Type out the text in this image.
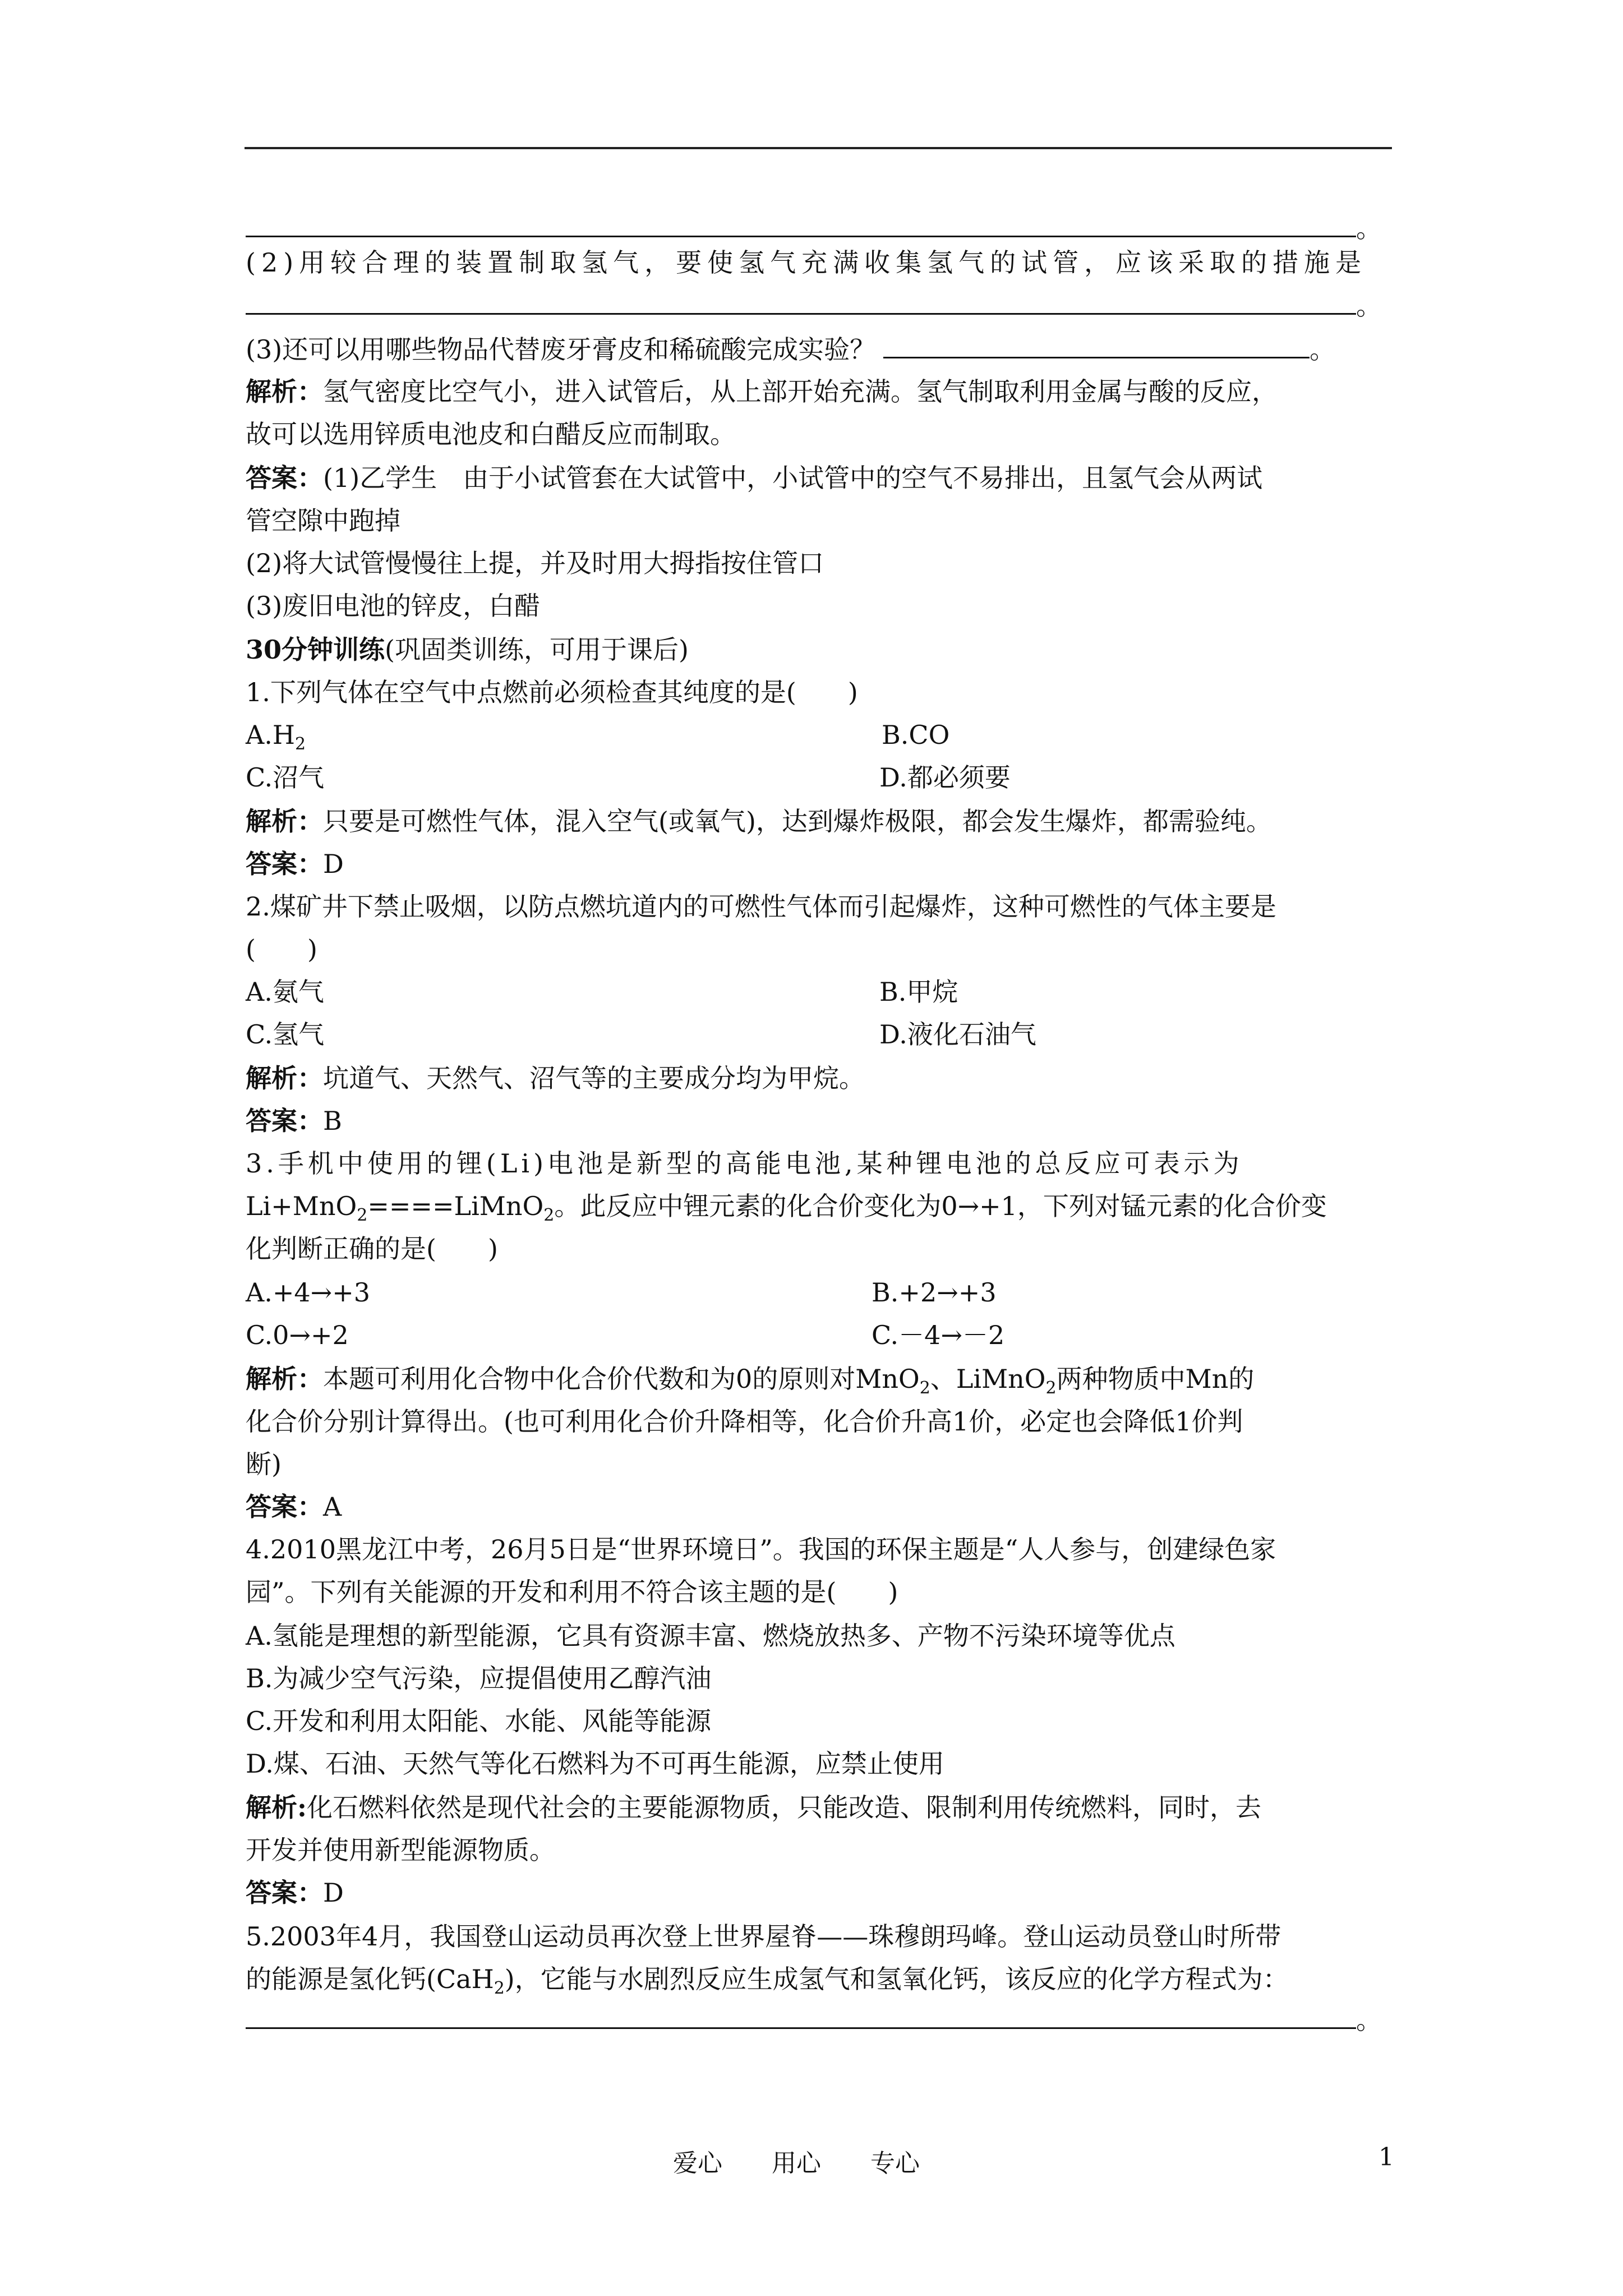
。
(2)用较合理的装置制取氢气，要使氢气充满收集氢气的试管，应该采取的措施是
。
(3)还可以用哪些物品代替废牙膏皮和稀硫酸完成实验？	。
解析：氢气密度比空气小，进入试管后，从上部开始充满。氢气制取利用金属与酸的反应，
故可以选用锌质电池皮和白醋反应而制取。
答案：(1)乙学生　由于小试管套在大试管中，小试管中的空气不易排出，且氢气会从两试
管空隙中跑掉
(2)将大试管慢慢往上提，并及时用大拇指按住管口
(3)废旧电池的锌皮，白醋
30分钟训练(巩固类训练，可用于课后)
1.下列气体在空气中点燃前必须检查其纯度的是(　　)
$A.H_2$	B.CO
C.沼气	D.都必须要
解析：只要是可燃性气体，混入空气(或氧气)，达到爆炸极限，都会发生爆炸，都需验纯。
答案：D
2.煤矿井下禁止吸烟，以防点燃坑道内的可燃性气体而引起爆炸，这种可燃性的气体主要是
(　　)
A.氨气	B.甲烷
C.氢气	D.液化石油气
解析：坑道气、天然气、沼气等的主要成分均为甲烷。
答案：B
3.手机中使用的锂(Li)电池是新型的高能电池,某种锂电池的总反应可表示为
Li+MnO$_2$====LiMnO$_2$。此反应中锂元素的化合价变化为0→+1，下列对锰元素的化合价变
化判断正确的是(　　)
A.+4→+3	B.+2→+3
C.0→+2	C.－4→－2
解析：本题可利用化合物中化合价代数和为0的原则对MnO$_2$、LiMnO$_2$两种物质中Mn的
化合价分别计算得出。(也可利用化合价升降相等，化合价升高1价，必定也会降低1价判
断)
答案：A
4.2010黑龙江中考，26月5日是“世界环境日”。我国的环保主题是“人人参与，创建绿色家
园”。下列有关能源的开发和利用不符合该主题的是(　　)
A.氢能是理想的新型能源，它具有资源丰富、燃烧放热多、产物不污染环境等优点
B.为减少空气污染，应提倡使用乙醇汽油
C.开发和利用太阳能、水能、风能等能源
D.煤、石油、天然气等化石燃料为不可再生能源，应禁止使用
解析:化石燃料依然是现代社会的主要能源物质，只能改造、限制利用传统燃料，同时，去
开发并使用新型能源物质。
答案：D
5.2003年4月，我国登山运动员再次登上世界屋脊——珠穆朗玛峰。登山运动员登山时所带
的能源是氢化钙(CaH$_2$)，它能与水剧烈反应生成氢气和氢氧化钙，该反应的化学方程式为：
。
爱心　　用心　　专心	1
